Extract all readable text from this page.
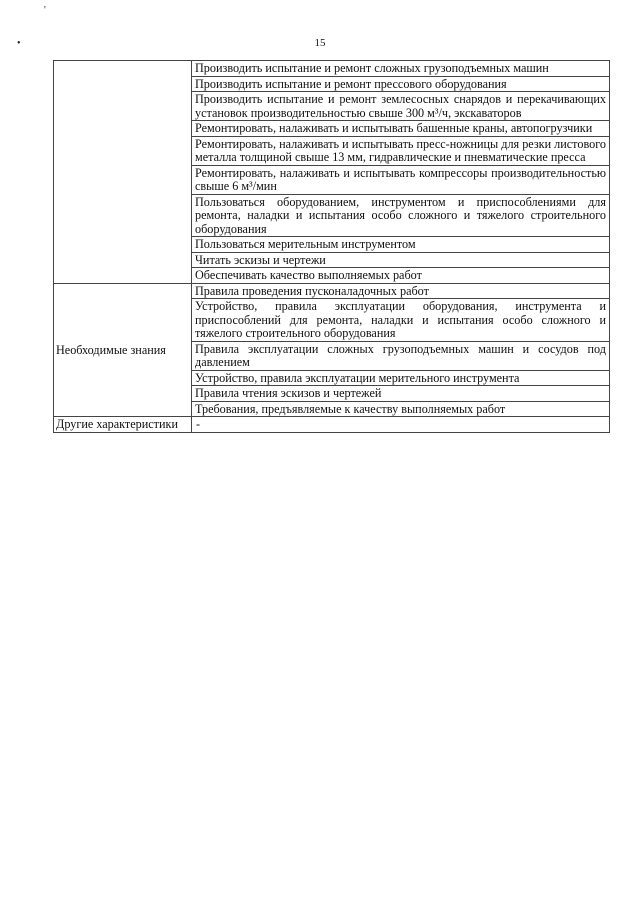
'
•	15
	Производить испытание и ремонт сложных грузоподъемных машин
	Производить испытание и ремонт прессового оборудования
	Производить испытание и ремонт землесосных снарядов и перекачивающих установок производительностью свыше 300 м³/ч, экскаваторов
	Ремонтировать, налаживать и испытывать башенные краны, автопогрузчики
	Ремонтировать, налаживать и испытывать пресс-ножницы для резки листового металла толщиной свыше 13 мм, гидравлические и пневматические пресса
	Ремонтировать, налаживать и испытывать компрессоры производительностью свыше 6 м³/мин
	Пользоваться оборудованием, инструментом и приспособлениями для ремонта, наладки и испытания особо сложного и тяжелого строительного оборудования
	Пользоваться мерительным инструментом
	Читать эскизы и чертежи
	Обеспечивать качество выполняемых работ
Необходимые знания	Правила проведения пусконаладочных работ
	Устройство, правила эксплуатации оборудования, инструмента и приспособлений для ремонта, наладки и испытания особо сложного и тяжелого строительного оборудования
	Правила эксплуатации сложных грузоподъемных машин и сосудов под давлением
	Устройство, правила эксплуатации мерительного инструмента
	Правила чтения эскизов и чертежей
	Требования, предъявляемые к качеству выполняемых работ
Другие характеристики	-
